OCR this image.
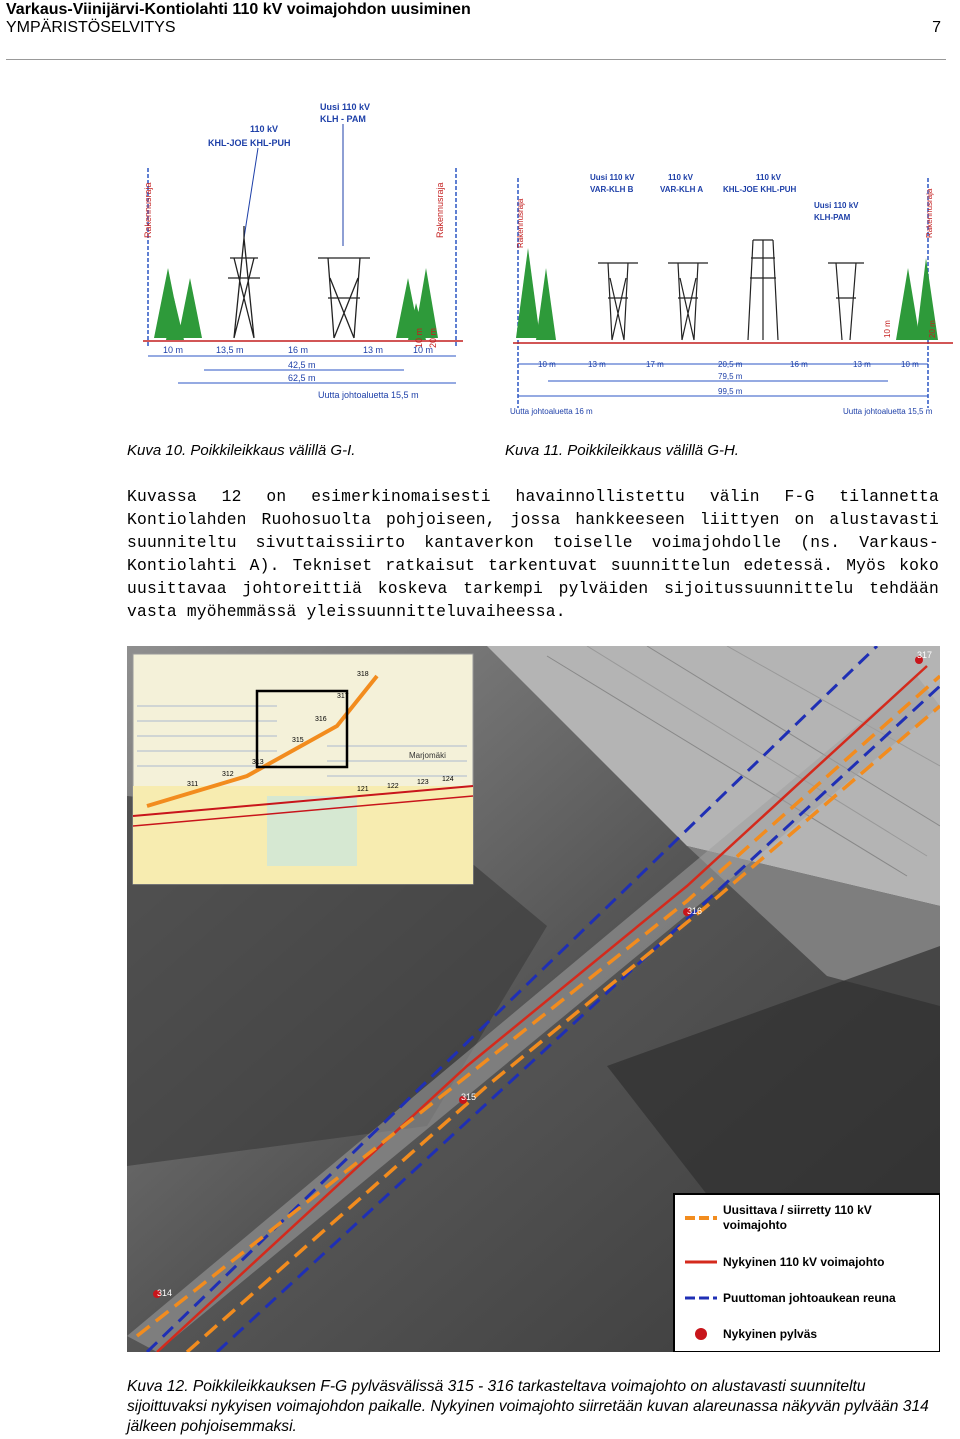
Varkaus-Viinijärvi-Kontiolahti 110 kV voimajohdon uusiminen
YMPÄRISTÖSELVITYS	7
Uusi 110 kV
KLH - PAM
110 kV
KHL-JOE KHL-PUH
Rakennusraja	Rakennusraja
10 m 20 m
10 m	13,5 m	16 m	13 m	10 m
42,5 m
62,5 m
Uutta johtoaluetta 15,5 m
Kuva 10. Poikkileikkaus välillä G-I.
Uusi 110 kV	110 kV	110 kV
VAR-KLH B	VAR-KLH A KHL-JOE KHL-PUH
Uusi 110 kV
KLH-PAM
Rakennusraja	Rakennusraja
10 m	20 m
10 m	13 m	17 m	20,5 m	16 m	13 m	10 m
79,5 m
99,5 m
Uutta johtoaluetta 16 m	Uutta johtoaluetta 15,5 m
Kuva 11. Poikkileikkaus välillä G-H.
Kuvassa 12 on esimerkinomaisesti havainnollistettu välin F-G tilannetta Kontiolahden Ruohosuolta pohjoiseen, jossa hankkeeseen liittyen on alustavasti suunniteltu sivuttaissiirto kantaverkon toiselle voimajohdolle (ns. Varkaus-Kontiolahti A). Tekniset ratkaisut tarkentuvat suunnittelun edetessä. Myös koko uusittavaa johtoreittiä koskeva tarkempi pylväiden sijoitussuunnittelu tehdään vasta myöhemmässä yleissuunnitteluvaiheessa.
317
316
315
314
Marjomäki
318
317
316
315
313
312
311
121	122
123 124
Uusittava / siirretty 110 kV
voimajohto
Nykyinen 110 kV voimajohto
Puuttoman johtoaukean reuna
Nykyinen pylväs
Kuva 12. Poikkileikkauksen F-G pylväsvälissä 315 - 316 tarkasteltava voimajohto on alustavasti suunniteltu sijoittuvaksi nykyisen voimajohdon paikalle. Nykyinen voimajohto siirretään kuvan alareunassa näkyvän pylvään 314 jälkeen pohjoisemmaksi.
